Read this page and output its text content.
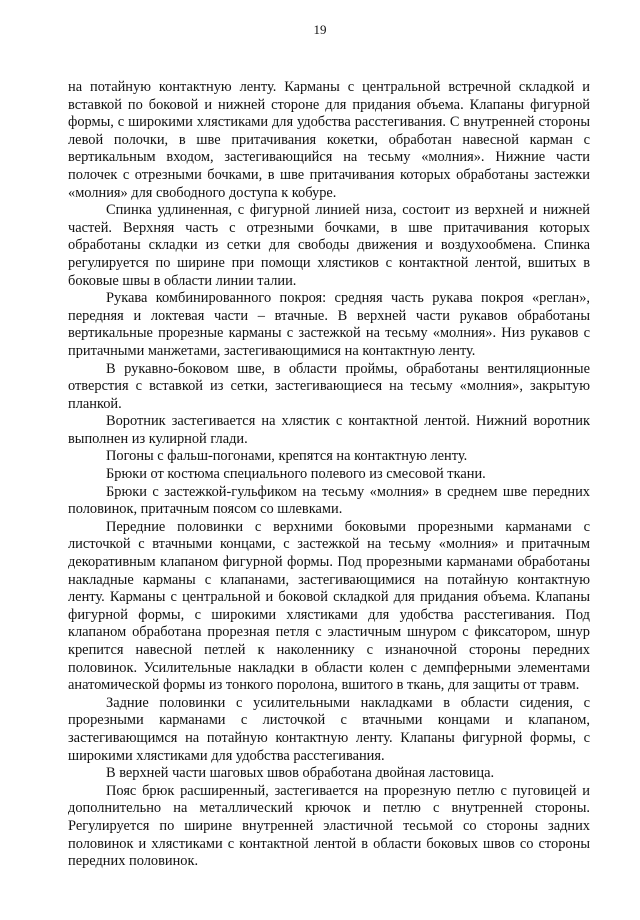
19

на потайную контактную ленту. Карманы с центральной встречной складкой и вставкой по боковой и нижней стороне для придания объема. Клапаны фигурной формы, с широкими хлястиками для удобства расстегивания. С внутренней стороны левой полочки, в шве притачивания кокетки, обработан навесной карман с вертикальным входом, застегивающийся на тесьму «молния». Нижние части полочек с отрезными бочками, в шве притачивания которых обработаны застежки «молния» для свободного доступа к кобуре.

Спинка удлиненная, с фигурной линией низа, состоит из верхней и нижней частей. Верхняя часть с отрезными бочками, в шве притачивания которых обработаны складки из сетки для свободы движения и воздухообмена. Спинка регулируется по ширине при помощи хлястиков с контактной лентой, вшитых в боковые швы в области линии талии.

Рукава комбинированного покроя: средняя часть рукава покроя «реглан», передняя и локтевая части – втачные. В верхней части рукавов обработаны вертикальные прорезные карманы с застежкой на тесьму «молния». Низ рукавов с притачными манжетами, застегивающимися на контактную ленту.

В рукавно-боковом шве, в области проймы, обработаны вентиляционные отверстия с вставкой из сетки, застегивающиеся на тесьму «молния», закрытую планкой.

Воротник застегивается на хлястик с контактной лентой. Нижний воротник выполнен из кулирной глади.

Погоны с фальш-погонами, крепятся на контактную ленту.

Брюки от костюма специального полевого из смесовой ткани.

Брюки с застежкой-гульфиком на тесьму «молния» в среднем шве передних половинок, притачным поясом со шлевками.

Передние половинки с верхними боковыми прорезными карманами с листочкой с втачными концами, с застежкой на тесьму «молния» и притачным декоративным клапаном фигурной формы. Под прорезными карманами обработаны накладные карманы с клапанами, застегивающимися на потайную контактную ленту. Карманы с центральной и боковой складкой для придания объема. Клапаны фигурной формы, с широкими хлястиками для удобства расстегивания. Под клапаном обработана прорезная петля с эластичным шнуром с фиксатором, шнур крепится навесной петлей к наколеннику с изнаночной стороны передних половинок. Усилительные накладки в области колен с демпферными элементами анатомической формы из тонкого поролона, вшитого в ткань, для защиты от травм.

Задние половинки с усилительными накладками в области сидения, с прорезными карманами с листочкой с втачными концами и клапаном, застегивающимся на потайную контактную ленту. Клапаны фигурной формы, с широкими хлястиками для удобства расстегивания.

В верхней части шаговых швов обработана двойная ластовица.

Пояс брюк расширенный, застегивается на прорезную петлю с пуговицей и дополнительно на металлический крючок и петлю с внутренней стороны. Регулируется по ширине внутренней эластичной тесьмой со стороны задних половинок и хлястиками с контактной лентой в области боковых швов со стороны передних половинок.
